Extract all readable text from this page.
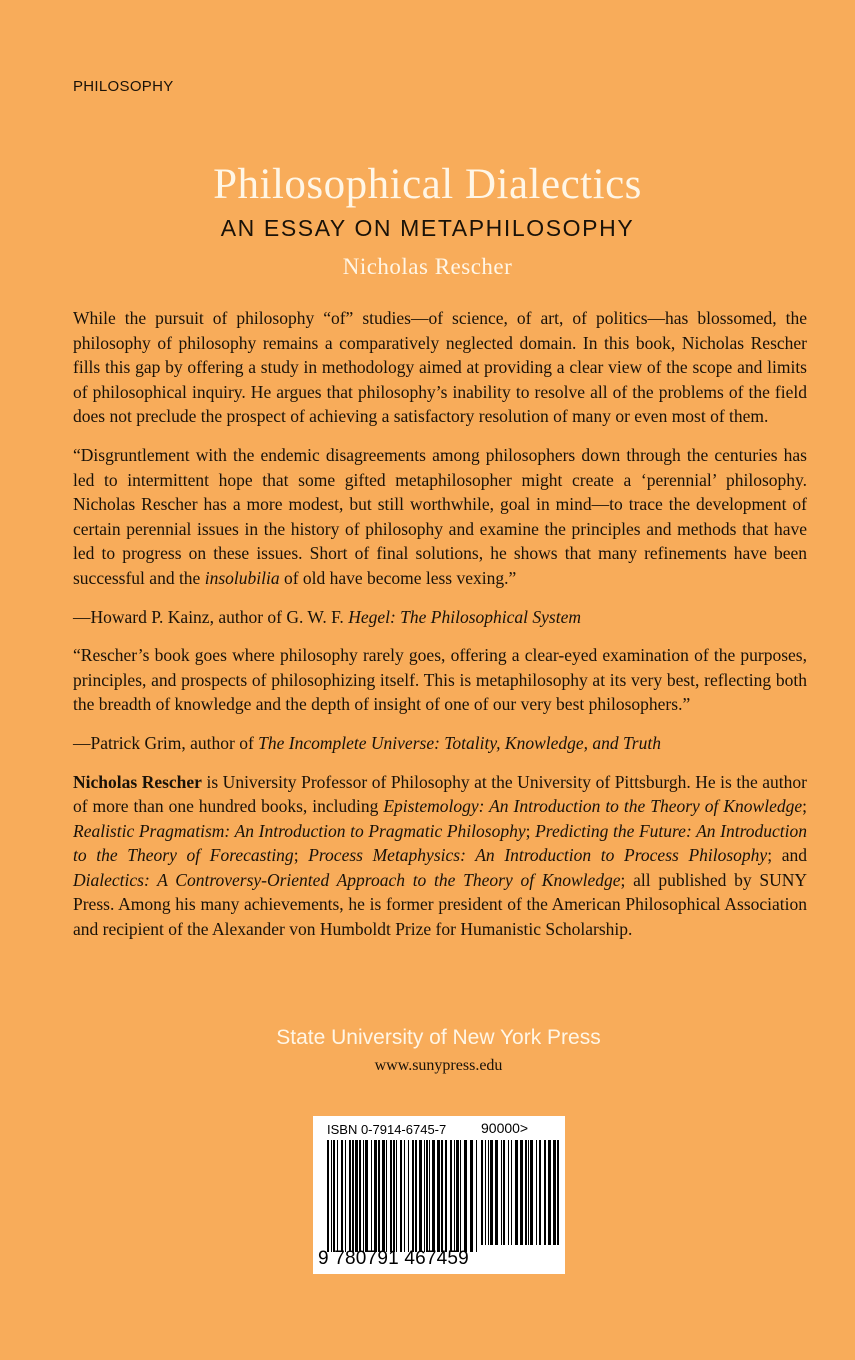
PHILOSOPHY
Philosophical Dialectics
AN ESSAY ON METAPHILOSOPHY
Nicholas Rescher

While the pursuit of philosophy “of” studies—of science, of art, of politics—has blossomed, the philosophy of philosophy remains a comparatively neglected domain. In this book, Nicholas Rescher fills this gap by offering a study in methodology aimed at providing a clear view of the scope and limits of philosophical inquiry. He argues that philosophy’s inability to resolve all of the problems of the field does not preclude the prospect of achieving a satisfactory resolution of many or even most of them.

“Disgruntlement with the endemic disagreements among philosophers down through the centuries has led to intermittent hope that some gifted metaphilosopher might create a ‘perennial’ philosophy. Nicholas Rescher has a more modest, but still worthwhile, goal in mind—to trace the development of certain perennial issues in the history of philosophy and examine the principles and methods that have led to progress on these issues. Short of final solutions, he shows that many refinements have been successful and the insolubilia of old have become less vexing.”

—Howard P. Kainz, author of G. W. F. Hegel: The Philosophical System

“Rescher’s book goes where philosophy rarely goes, offering a clear-eyed examination of the purposes, principles, and prospects of philosophizing itself. This is metaphilosophy at its very best, reflecting both the breadth of knowledge and the depth of insight of one of our very best philosophers.”

—Patrick Grim, author of The Incomplete Universe: Totality, Knowledge, and Truth

Nicholas Rescher is University Professor of Philosophy at the University of Pittsburgh. He is the author of more than one hundred books, including Epistemology: An Introduction to the Theory of Knowledge; Realistic Pragmatism: An Introduction to Pragmatic Philosophy; Predicting the Future: An Introduction to the Theory of Forecasting; Process Metaphysics: An Introduction to Process Philosophy; and Dialectics: A Controversy-Oriented Approach to the Theory of Knowledge; all published by SUNY Press. Among his many achievements, he is former president of the American Philosophical Association and recipient of the Alexander von Humboldt Prize for Humanistic Scholarship.

State University of New York Press
www.sunypress.edu
ISBN 0-7914-6745-7 90000>
9 780791 467459
